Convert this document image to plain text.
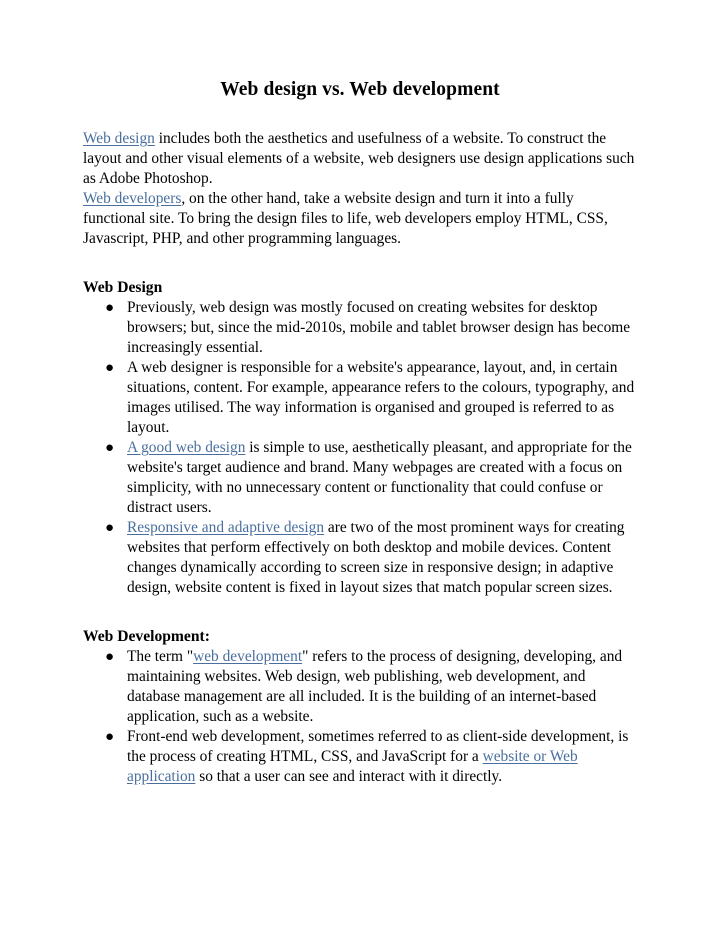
Web design vs. Web development

Web design includes both the aesthetics and usefulness of a website. To construct the layout and other visual elements of a website, web designers use design applications such as Adobe Photoshop.

Web developers, on the other hand, take a website design and turn it into a fully functional site. To bring the design files to life, web developers employ HTML, CSS, Javascript, PHP, and other programming languages.

Web Design
● Previously, web design was mostly focused on creating websites for desktop browsers; but, since the mid-2010s, mobile and tablet browser design has become increasingly essential.
● A web designer is responsible for a website's appearance, layout, and, in certain situations, content. For example, appearance refers to the colours, typography, and images utilised. The way information is organised and grouped is referred to as layout.
● A good web design is simple to use, aesthetically pleasant, and appropriate for the website's target audience and brand. Many webpages are created with a focus on simplicity, with no unnecessary content or functionality that could confuse or distract users.
● Responsive and adaptive design are two of the most prominent ways for creating websites that perform effectively on both desktop and mobile devices. Content changes dynamically according to screen size in responsive design; in adaptive design, website content is fixed in layout sizes that match popular screen sizes.
Web Development:
● The term "web development" refers to the process of designing, developing, and maintaining websites. Web design, web publishing, web development, and database management are all included. It is the building of an internet-based application, such as a website.
● Front-end web development, sometimes referred to as client-side development, is the process of creating HTML, CSS, and JavaScript for a website or Web application so that a user can see and interact with it directly.
